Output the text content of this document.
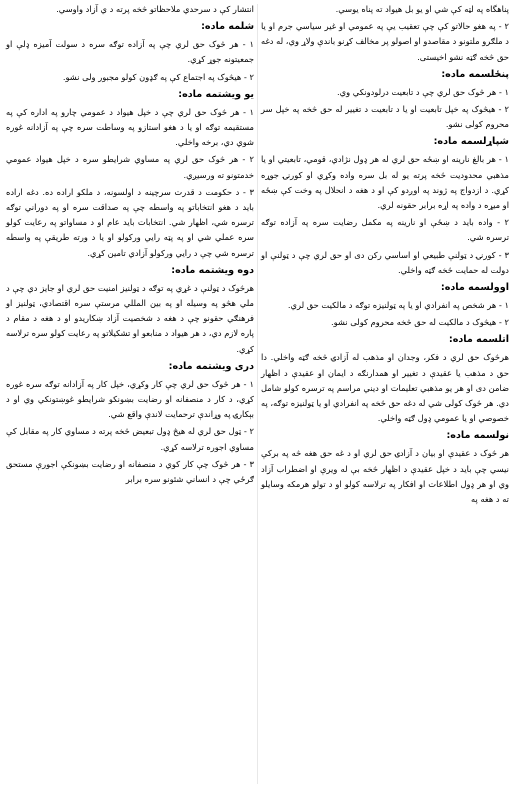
پناهگاه په لټه کې شي او یو بل هیواد ته پناه یوسي.

۲ - په هغو حالاتو کې چې تعقیب یې په عمومي او غیر سیاسي جرم او یا د ملګرو ملتونو د مقاصدو او اصولو پر مخالف کړنو باندې ولاړ وي، له دغه حق څخه ګټه نشو اخیستی.

پنځلسمه ماده:

۱ - هر څوک حق لري چې د تابعیت درلودونکي وي.

۲ - هیڅوک په خپل تابعیت او یا د تابعیت د تغییر له حق څخه په خپل سر محروم کولی نشو.

شپاړلسمه ماده:

۱ - هر بالغ نارینه او ښځه حق لري له هر ډول نژادي، قومي، تابعیتي او یا مذهبي محدودیت څخه پرته یو له بل سره واده وکړي او کورنۍ جوړه کړي. د ازدواج په ژوند په اوږدو کې او د هغه د انحلال په وخت کې ښځه او میړه د واده په اړه برابر حقونه لري.

۲ - واده باید د ښځې او نارینه په مکمل رضایت سره په آزاده توګه ترسره شي.

۳ - کورنۍ د ټولنې طبیعي او اساسي رکن دی او حق لري چې د ټولنې او دولت له حمایت څخه ګټه واخلي.

اوولسمه ماده:

۱ - هر شخص په انفرادي او یا په ټولنیزه توګه د مالکیت حق لري.

۲ - هیڅوک د مالکیت له حق څخه محروم کولی نشو.

اتلسمه ماده:

هرڅوک حق لري د فکر، وجدان او مذهب له آزادۍ څخه ګټه واخلي. دا حق د مذهب یا عقیدې د تغییر او همدارنګه د ایمان او عقیدې د اظهار ضامن دی او هر یو مذهبي تعلیمات او دیني مراسم په ترسره کولو شامل دي. هر څوک کولی شي له دغه حق څخه په انفرادي او یا ټولنیزه توګه، په خصوصي او یا عمومي ډول ګټه واخلي.

نولسمه ماده:

هر څوک د عقیدې او بیان د آزادۍ حق لري او د غه حق هغه څه په برکې نیسي چې باید د خپل عقیدې د اظهار څخه بې له ویرې او اضطراب آزاد وي او هر ډول اطلاعات او افکار په ترلاسه کولو او د تولو هرمکه وسایلو ته د هغه په

انتشار کې د سرحدي ملاحظاتو څخه پرته د ي آزاد واوسي.

شلمه ماده:

۱ - هر څوک حق لري چې په آزاده توګه سره د سولت آمیزه ډلې او جمعیتونه جوړ کړي.

۲ - هیڅوک په اجتماع کې په ګډون کولو مجبور ولی نشو.

یو ویشتمه ماده:

۱ - هر څوک حق لري چې د خپل هیواد د عمومي چارو په اداره کې په مستقیمه توګه او یا د هغو استازو په وساطت سره چې په آزادانه غوره شوي دي، برخه واخلي.

۲ - هر څوک حق لري په مساوي شرایطو سره د خپل هیواد عمومي خدمتونو ته ورسیږي.

۳ - د حکومت د قدرت سرچینه د اولسونه، د ملکو اراده ده. دغه اراده باید د هغو انتخاباتو په واسطه چې په صداقت سره او په دوراني توګه ترسره شي، اظهار شي. انتخابات باید عام او د مساواتو په رعایت کولو سره عملي شي او په پټه رایي ورکولو او یا د ورته طریقې په واسطه ترسره شي چې د رایي ورکولو آزادي تامین کړي.

دوه ویشتمه ماده:

هرڅوک د ټولنې د غړي په توګه د ټولنیز امنیت حق لري او جایز دي چې د ملي هڅو په وسیله او په بین المللي مرستې سره اقتصادي، ټولنیز او فرهنګي حقونو چې د هغه د شخصیت آزاد ښکاریدو او د هغه د مقام د پاره لازم دي، د هر هیواد د منابعو او تشکیلاتو په رعایت کولو سره ترلاسه کړي.

دری ویشتمه ماده:

۱ - هر څوک حق لري چې کار وکړي، خپل کار په آزادانه توګه سره غوره کړي، د کار د منصفانه او رضایت بښونکو شرایطو غوښتونکي وي او د بېکارۍ په وړاندې ترحمایت لاندې واقع شي.

۲ - ټول حق لري له هیڅ ډول تبعیض څخه پرته د مساوي کار په مقابل کې مساوي اجوره ترلاسه کړي.

۳ - هر څوک چې کار کوي د منصفانه او رضایت بښونکې اجورې مستحق ګرځي چې د انساني شئونو سره برابر
